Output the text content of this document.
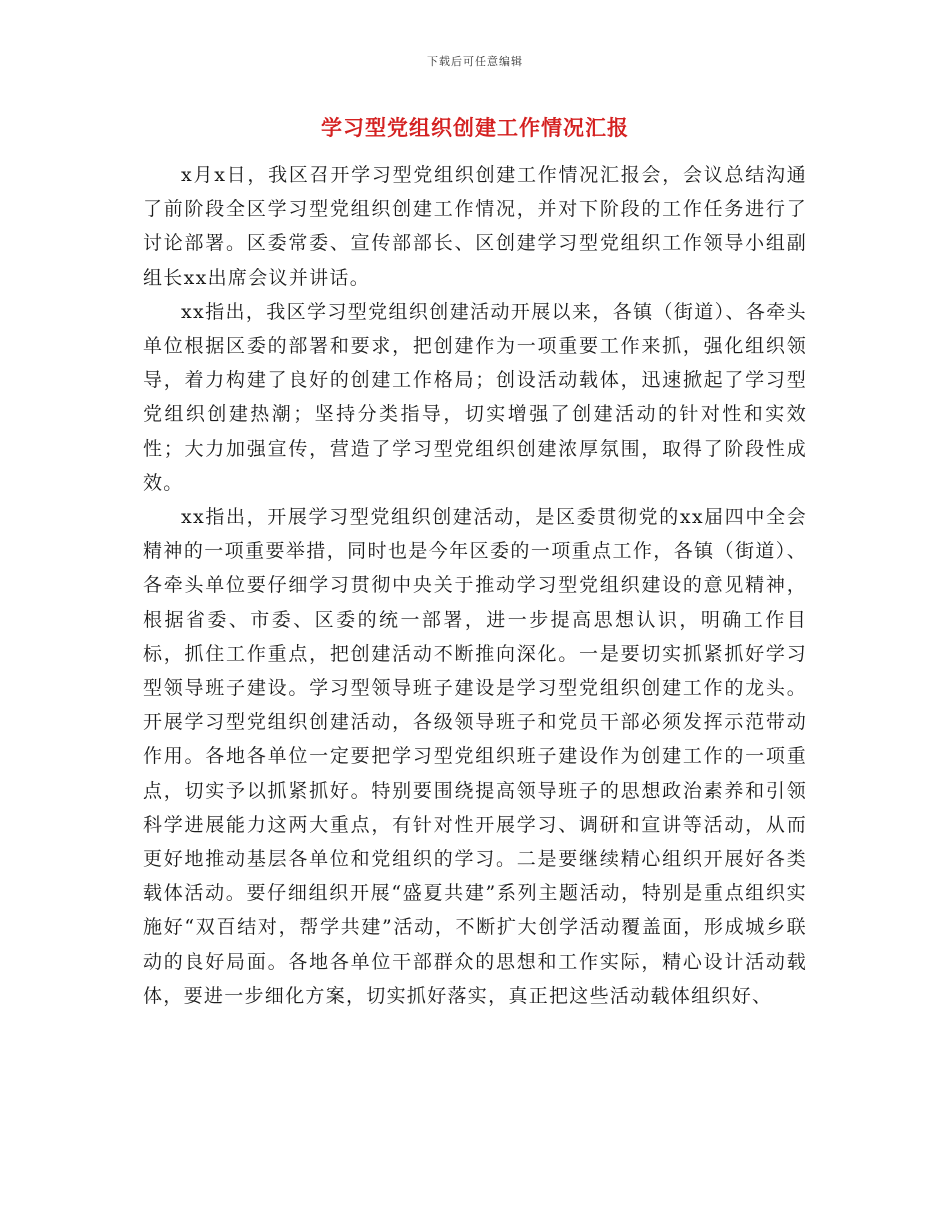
下载后可任意编辑
学习型党组织创建工作情况汇报

x月x日，我区召开学习型党组织创建工作情况汇报会，会议总结沟通了前阶段全区学习型党组织创建工作情况，并对下阶段的工作任务进行了讨论部署。区委常委、宣传部部长、区创建学习型党组织工作领导小组副组长xx出席会议并讲话。

xx指出，我区学习型党组织创建活动开展以来，各镇（街道）、各牵头单位根据区委的部署和要求，把创建作为一项重要工作来抓，强化组织领导，着力构建了良好的创建工作格局；创设活动载体，迅速掀起了学习型党组织创建热潮；坚持分类指导，切实增强了创建活动的针对性和实效性；大力加强宣传，营造了学习型党组织创建浓厚氛围，取得了阶段性成效。

xx指出，开展学习型党组织创建活动，是区委贯彻党的xx届四中全会精神的一项重要举措，同时也是今年区委的一项重点工作，各镇（街道）、各牵头单位要仔细学习贯彻中央关于推动学习型党组织建设的意见精神，根据省委、市委、区委的统一部署，进一步提高思想认识，明确工作目标，抓住工作重点，把创建活动不断推向深化。一是要切实抓紧抓好学习型领导班子建设。学习型领导班子建设是学习型党组织创建工作的龙头。开展学习型党组织创建活动，各级领导班子和党员干部必须发挥示范带动作用。各地各单位一定要把学习型党组织班子建设作为创建工作的一项重点，切实予以抓紧抓好。特别要围绕提高领导班子的思想政治素养和引领科学进展能力这两大重点，有针对性开展学习、调研和宣讲等活动，从而更好地推动基层各单位和党组织的学习。二是要继续精心组织开展好各类载体活动。要仔细组织开展“盛夏共建”系列主题活动，特别是重点组织实施好“双百结对，帮学共建”活动，不断扩大创学活动覆盖面，形成城乡联动的良好局面。各地各单位干部群众的思想和工作实际，精心设计活动载体，要进一步细化方案，切实抓好落实，真正把这些活动载体组织好、
